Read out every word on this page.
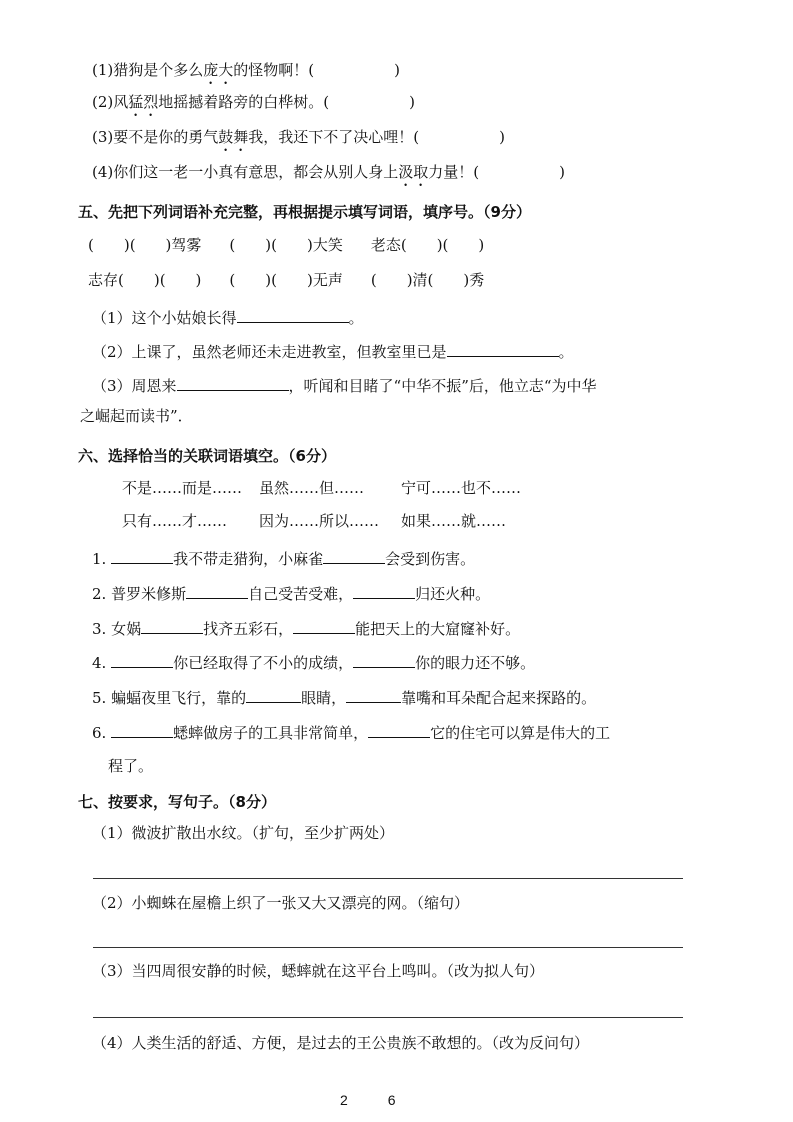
(1)猎狗是个多么庞大的怪物啊！(	)
(2)风猛烈地摇撼着路旁的白桦树。(	)
(3)要不是你的勇气鼓舞我，我还下不了决心哩！(	)
(4)你们这一老一小真有意思，都会从别人身上汲取力量！(	)
五、先把下列词语补充完整，再根据提示填写词语，填序号。（9分）
(　　)(　　)驾雾 (　　)(　　)大笑 老态(　　)(　　)
志存(　　)(　　) (　　)(　　)无声 (　　)清(　　)秀
（1）这个小姑娘长得	。
（2）上课了，虽然老师还未走进教室，但教室里已是	。
（3）周恩来	，听闻和目睹了“中华不振”后，他立志“为中华
之崛起而读书”．
六、选择恰当的关联词语填空。（6分）
不是……而是…… 虽然……但…… 宁可……也不……
只有……才…… 因为……所以…… 如果……就……
1.	我不带走猎狗，小麻雀	会受到伤害。
2. 普罗米修斯	自己受苦受难，	归还火种。
3. 女娲	找齐五彩石，	能把天上的大窟窿补好。
4.	你已经取得了不小的成绩，	你的眼力还不够。
5. 蝙蝠夜里飞行，靠的	眼睛，	靠嘴和耳朵配合起来探路的。
6.	蟋蟀做房子的工具非常简单，	它的住宅可以算是伟大的工
程了。
七、按要求，写句子。（8分）
（1）微波扩散出水纹。（扩句，至少扩两处）
（2）小蜘蛛在屋檐上织了一张又大又漂亮的网。（缩句）
（3）当四周很安静的时候，蟋蟀就在这平台上鸣叫。（改为拟人句）
（4）人类生活的舒适、方便，是过去的王公贵族不敢想的。（改为反问句）
2	6
